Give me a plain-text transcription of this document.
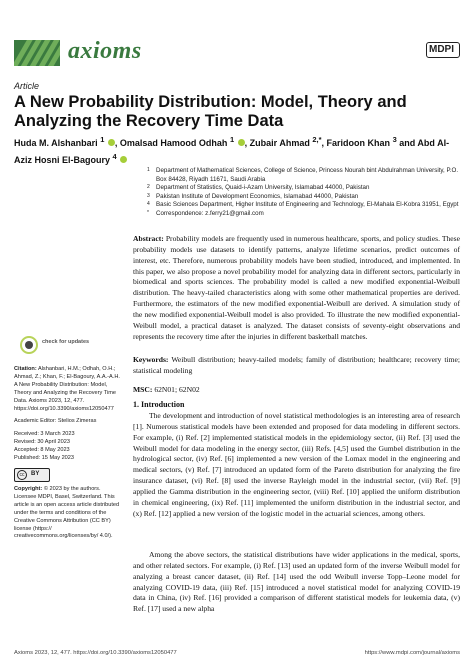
axioms	MDPI
Article
A New Probability Distribution: Model, Theory and Analyzing the Recovery Time Data
Huda M. Alshanbari $^1$ , Omalsad Hamood Odhah $^1$ , Zubair Ahmad $^{2,*}$, Faridoon Khan $^3$ and Abd Al-Aziz Hosni El-Bagoury $^4$
1 Department of Mathematical Sciences, College of Science, Princess Nourah bint Abdulrahman University, P.O. Box 84428, Riyadh 11671, Saudi Arabia
2 Department of Statistics, Quaid-i-Azam University, Islamabad 44000, Pakistan
3 Pakistan Institute of Development Economics, Islamabad 44000, Pakistan
4 Basic Sciences Department, Higher Institute of Engineering and Technology, El-Mahala El-Kobra 31951, Egypt
* Correspondence: z.ferry21@gmail.com
Abstract: Probability models are frequently used in numerous healthcare, sports, and policy studies. These probability models use datasets to identify patterns, analyze lifetime scenarios, predict outcomes of interest, etc. Therefore, numerous probability models have been studied, introduced, and implemented. In this paper, we also propose a novel probability model for analyzing data in different sectors, particularly in biomedical and sports sciences. The probability model is called a new modified exponential-Weibull distribution. The heavy-tailed characteristics along with some other mathematical properties are derived. Furthermore, the estimators of the new modified exponential-Weibull are derived. A simulation study of the new modified exponential-Weibull model is also provided. To illustrate the new modified exponential-Weibull model, a practical dataset is analyzed. The dataset consists of seventy-eight observations and represents the recovery time after the injuries in different basketball matches.
Keywords: Weibull distribution; heavy-tailed models; family of distribution; healthcare; recovery time; statistical modeling
MSC: 62N01; 62N02
check for updates
Citation: Alshanbari, H.M.; Odhah, O.H.; Ahmad, Z.; Khan, F.; El-Bagoury, A.A.-A.H. A New Probability Distribution: Model, Theory and Analyzing the Recovery Time Data. Axioms 2023, 12, 477. https://doi.org/10.3390/axioms12050477
Academic Editor: Stelios Zimeras
Received: 3 March 2023
Revised: 30 April 2023
Accepted: 8 May 2023
Published: 15 May 2023
cc	BY
Copyright: © 2023 by the authors. Licensee MDPI, Basel, Switzerland. This article is an open access article distributed under the terms and conditions of the Creative Commons Attribution (CC BY) license (https:// creativecommons.org/licenses/by/ 4.0/).
1. Introduction
The development and introduction of novel statistical methodologies is an interesting area of research [1]. Numerous statistical models have been extended and proposed for data modeling in different sectors. For example, (i) Ref. [2] implemented statistical models in the epidemiology sector, (ii) Ref. [3] used the Weibull model for data modeling in the energy sector, (iii) Refs. [4,5] used the Gumbel distribution in the hydrological sector, (iv) Ref. [6] implemented a new version of the Lomax model in the engineering and medical sectors, (v) Ref. [7] introduced an updated form of the Pareto distribution for analyzing the fire insurance dataset, (vi) Ref. [8] used the inverse Rayleigh model in the industrial sector, (vii) Ref. [9] applied the Gamma distribution in the engineering sector, (viii) Ref. [10] applied the uniform distribution in chemical engineering, (ix) Ref. [11] implemented the uniform distribution in the industrial sector, and (x) Ref. [12] applied a new version of the logistic model in the actuarial sciences, among others.
Among the above sectors, the statistical distributions have wider applications in the medical, sports, and other related sectors. For example, (i) Ref. [13] used an updated form of the inverse Weibull model for analyzing a breast cancer dataset, (ii) Ref. [14] used the odd Weibull inverse Topp–Leone model for analyzing COVID-19 data, (iii) Ref. [15] introduced a novel statistical model for analyzing COVID-19 data in China, (iv) Ref. [16] provided a comparison of different statistical models for leukemia data, (v) Ref. [17] used a new alpha
Axioms 2023, 12, 477. https://doi.org/10.3390/axioms12050477	https://www.mdpi.com/journal/axioms
